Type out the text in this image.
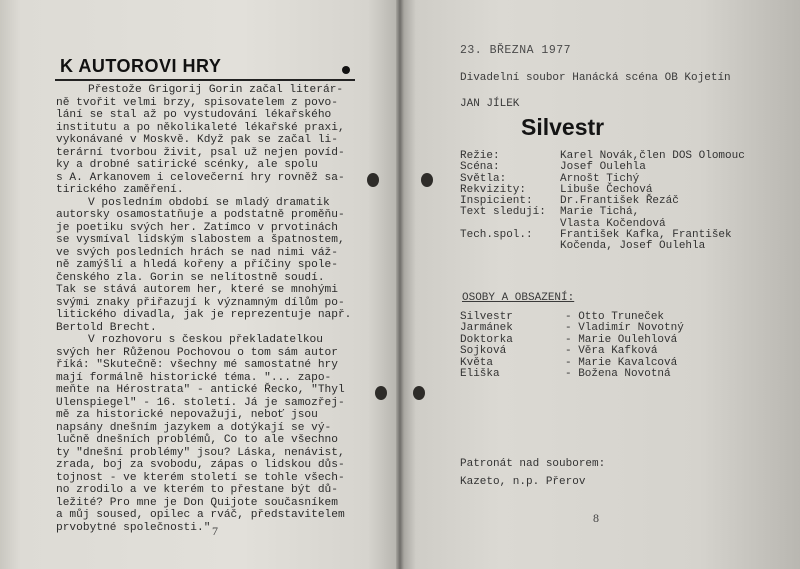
K AUTOROVI HRY
Přestože Grigorij Gorin začal literár-
ně tvořit velmi brzy, spisovatelem z povo-
lání se stal až po vystudování lékařského
institutu a po několikaleté lékařské praxi,
vykonávané v Moskvě. Když pak se začal li-
terární tvorbou živit, psal už nejen povíd-
ky a drobné satirické scénky, ale spolu
s A. Arkanovem i celovečerní hry rovněž sa-
tirického zaměření.
V posledním období se mladý dramatik
autorsky osamostatňuje a podstatně proměňu-
je poetiku svých her. Zatímco v prvotinách
se vysmíval lidským slabostem a špatnostem,
ve svých posledních hrách se nad nimi váž-
ně zamýšlí a hledá kořeny a příčiny spole-
čenského zla. Gorin se nelítostně soudí.
Tak se stává autorem her, které se mnohými
svými znaky přiřazují k významným dílům po-
litického divadla, jak je reprezentuje např.
Bertold Brecht.
V rozhovoru s českou překladatelkou
svých her Růženou Pochovou o tom sám autor
říká: "Skutečně: všechny mé samostatné hry
mají formálně historické téma. "... zapo-
meňte na Hérostrata" - antické Řecko, "Thyl
Ulenspiegel" - 16. století. Já je samozřej-
mě za historické nepovažuji, neboť jsou
napsány dnešním jazykem a dotýkají se vý-
lučně dnešních problémů, Co to ale všechno
ty "dnešní problémy" jsou? Láska, nenávist,
zrada, boj za svobodu, zápas o lidskou důs-
tojnost - ve kterém století se tohle všech-
no zrodilo a ve kterém to přestane být dů-
ležité? Pro mne je Don Quijote současníkem
a můj soused, opilec a rváč, představitelem
prvobytné společnosti." 7
23. BŘEZNA 1977
Divadelní soubor Hanácká scéna OB Kojetín
JAN JÍLEK
Silvestr
Režie:	Karel Novák,člen DOS Olomouc
Scéna:	Josef Oulehla
Světla:	Arnošt Tichý
Rekvizity:	Libuše Čechová
Inspicient: Dr.František Řezáč
Text sledují: Marie Tichá,
Vlasta Kočendová
Tech.spol.: František Kafka, František
Kočenda, Josef Oulehla
OSOBY A OBSAZENÍ:
Silvestr	- Otto Truneček
Jarmánek	- Vladimír Novotný
Doktorka	- Marie Oulehlová
Sojková	- Věra Kafková
Květa	- Marie Kavalcová
Eliška	- Božena Novotná
Patronát nad souborem:
Kazeto, n.p. Přerov
8
